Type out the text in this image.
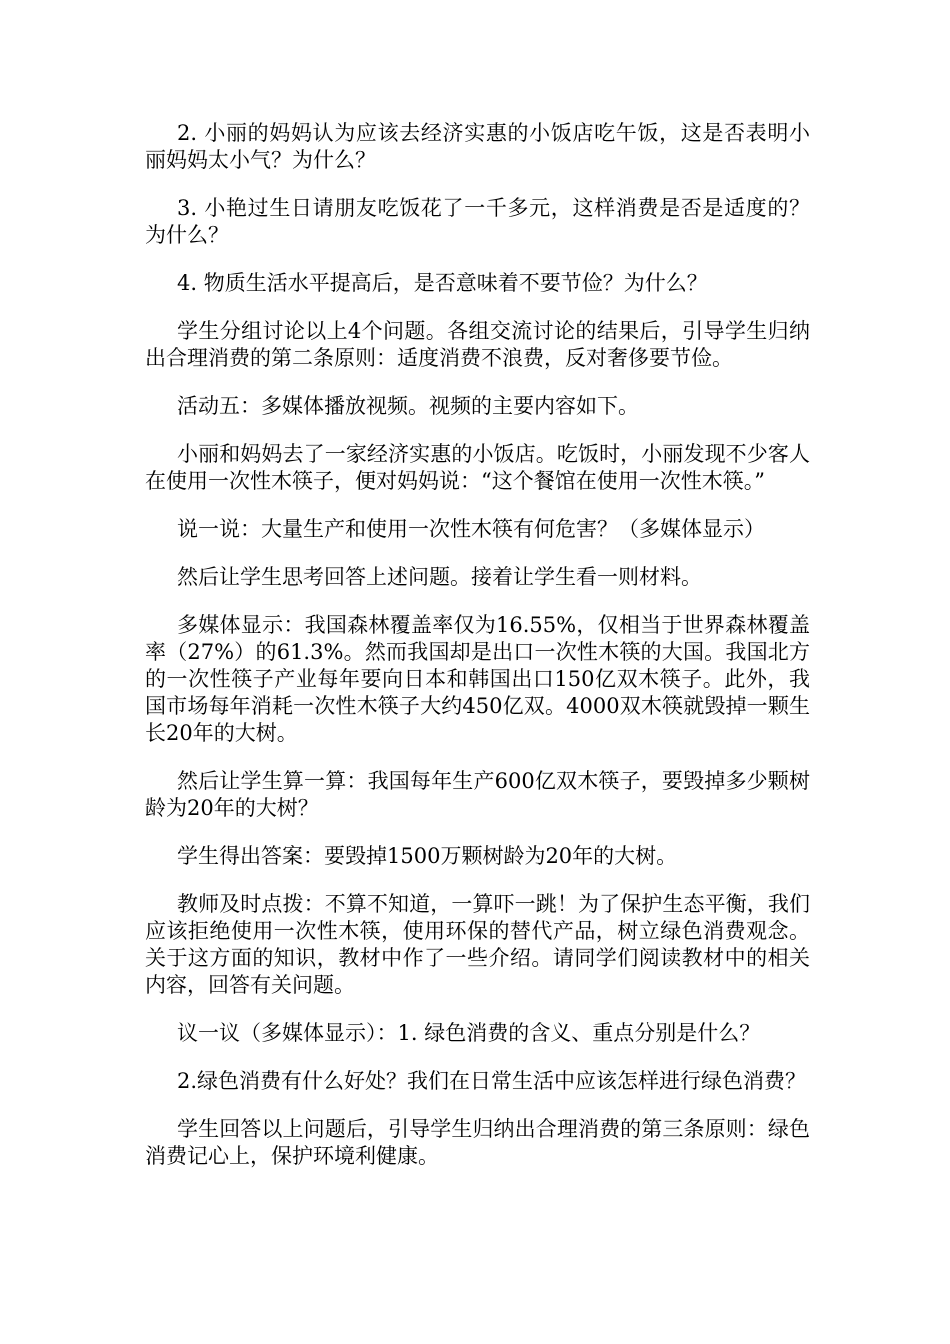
2. 小丽的妈妈认为应该去经济实惠的小饭店吃午饭，这是否表明小丽妈妈太小气？为什么？

3. 小艳过生日请朋友吃饭花了一千多元，这样消费是否是适度的？为什么？

4. 物质生活水平提高后，是否意味着不要节俭？为什么？

学生分组讨论以上4个问题。各组交流讨论的结果后，引导学生归纳出合理消费的第二条原则：适度消费不浪费，反对奢侈要节俭。

活动五：多媒体播放视频。视频的主要内容如下。

小丽和妈妈去了一家经济实惠的小饭店。吃饭时，小丽发现不少客人在使用一次性木筷子，便对妈妈说：“这个餐馆在使用一次性木筷。”

说一说：大量生产和使用一次性木筷有何危害？（多媒体显示）

然后让学生思考回答上述问题。接着让学生看一则材料。

多媒体显示：我国森林覆盖率仅为16.55%，仅相当于世界森林覆盖率（27%）的61.3%。然而我国却是出口一次性木筷的大国。我国北方的一次性筷子产业每年要向日本和韩国出口150亿双木筷子。此外，我国市场每年消耗一次性木筷子大约450亿双。4000双木筷就毁掉一颗生长20年的大树。

然后让学生算一算：我国每年生产600亿双木筷子，要毁掉多少颗树龄为20年的大树？

学生得出答案：要毁掉1500万颗树龄为20年的大树。

教师及时点拨：不算不知道，一算吓一跳！为了保护生态平衡，我们应该拒绝使用一次性木筷，使用环保的替代产品，树立绿色消费观念。关于这方面的知识，教材中作了一些介绍。请同学们阅读教材中的相关内容，回答有关问题。

议一议（多媒体显示）：1. 绿色消费的含义、重点分别是什么？

2.绿色消费有什么好处？我们在日常生活中应该怎样进行绿色消费？

学生回答以上问题后，引导学生归纳出合理消费的第三条原则：绿色消费记心上，保护环境利健康。
